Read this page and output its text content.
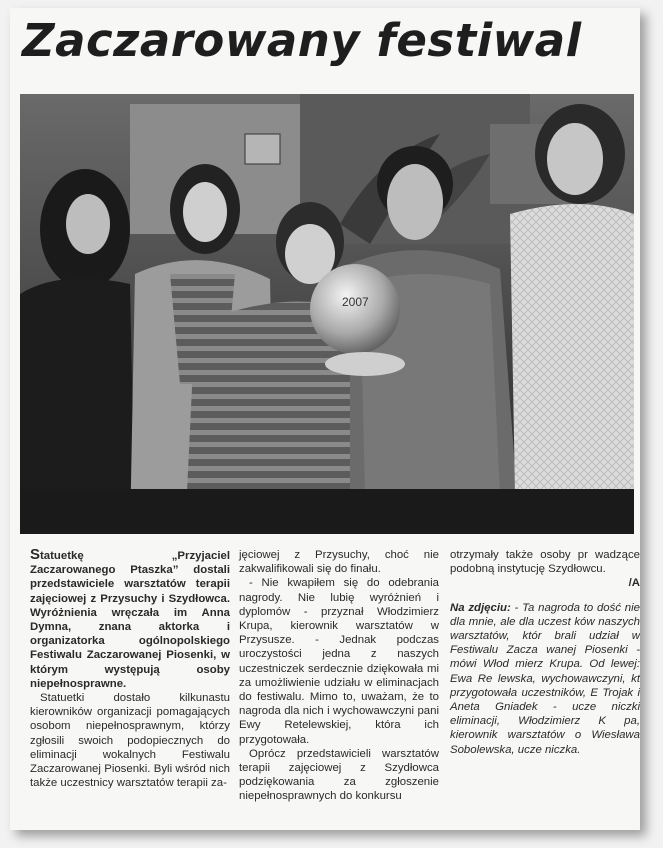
Zaczarowany festiwal
2007

Statuetkę „Przyjaciel Zaczarowanego Ptaszka” dostali przedstawiciele warsztatów terapii zajęciowej z Przysuchy i Szydłowca. Wyróżnienia wręczała im Anna Dymna, znana aktorka i organizatorka ogólnopolskiego Festiwalu Zaczarowanej Piosenki, w którym występują osoby niepełnosprawne.

Statuetki dostało kilkunastu kierowników organizacji pomagających osobom niepełnosprawnym, którzy zgłosili swoich podopiecznych do eliminacji wokalnych Festiwalu Zaczarowanej Piosenki. Byli wśród nich także uczestnicy warsztatów terapii za-

jęciowej z Przysuchy, choć nie zakwalifikowali się do finału.

- Nie kwapiłem się do odebrania nagrody. Nie lubię wyróżnień i dyplomów - przyznał Włodzimierz Krupa, kierownik warsztatów w Przysusze. - Jednak podczas uroczystości jedna z naszych uczestniczek serdecznie dziękowała mi za umożliwienie udziału w eliminacjach do festiwalu. Mimo to, uważam, że to nagroda dla nich i wychowawczyni pani Ewy Retelewskiej, która ich przygotowała.

Oprócz przedstawicieli warsztatów terapii zajęciowej z Szydłowca podziękowania za zgłoszenie niepełnosprawnych do konkursu

otrzymały także osoby pr wadzące podobną instytucję Szydłowcu.

/A

Na zdjęciu: - Ta nagroda to dość nie dla mnie, ale dla uczest ków naszych warsztatów, któr brali udział w Festiwalu Zacza wanej Piosenki - mówi Włod mierz Krupa. Od lewej: Ewa Re lewska, wychowawczyni, kt przygotowała uczestników, E Trojak i Aneta Gniadek - ucze niczki eliminacji, Włodzimierz K pa, kierownik warsztatów o Wiesława Sobolewska, ucze niczka.
